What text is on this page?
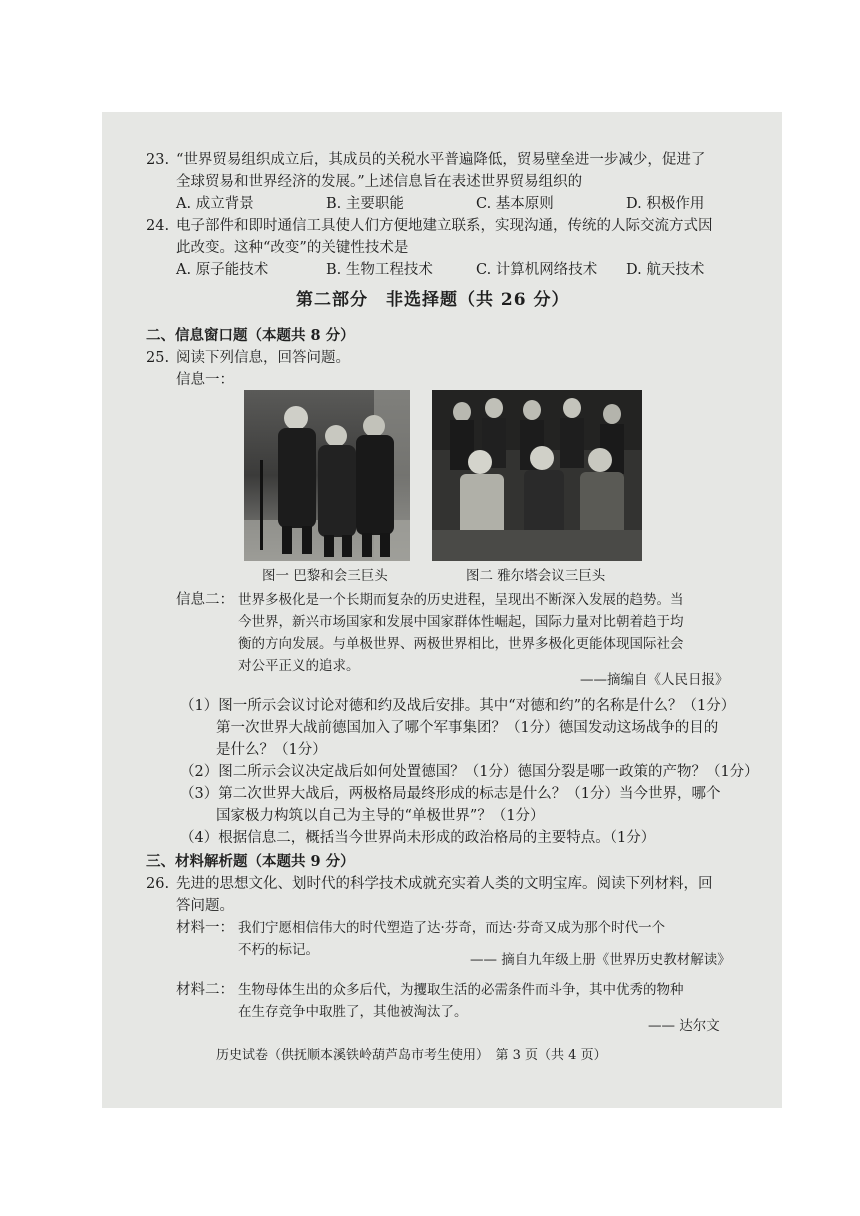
23. “世界贸易组织成立后，其成员的关税水平普遍降低，贸易壁垒进一步减少，促进了
全球贸易和世界经济的发展。”上述信息旨在表述世界贸易组织的
A. 成立背景	B. 主要职能	C. 基本原则	D. 积极作用
24. 电子部件和即时通信工具使人们方便地建立联系，实现沟通，传统的人际交流方式因
此改变。这种“改变”的关键性技术是
A. 原子能技术	B. 生物工程技术	C. 计算机网络技术 D. 航天技术
第二部分　非选择题（共 26 分）
二、信息窗口题（本题共 8 分）
25. 阅读下列信息，回答问题。
信息一：
图一 巴黎和会三巨头	图二 雅尔塔会议三巨头
信息二： 世界多极化是一个长期而复杂的历史进程，呈现出不断深入发展的趋势。当
今世界，新兴市场国家和发展中国家群体性崛起，国际力量对比朝着趋于均
衡的方向发展。与单极世界、两极世界相比，世界多极化更能体现国际社会
对公平正义的追求。
——摘编自《人民日报》
（1）图一所示会议讨论对德和约及战后安排。其中“对德和约”的名称是什么？（1分）
第一次世界大战前德国加入了哪个军事集团？（1分）德国发动这场战争的目的
是什么？（1分）
（2）图二所示会议决定战后如何处置德国？（1分）德国分裂是哪一政策的产物？（1分）
（3）第二次世界大战后，两极格局最终形成的标志是什么？（1分）当今世界，哪个
国家极力构筑以自己为主导的“单极世界”？（1分）
（4）根据信息二，概括当今世界尚未形成的政治格局的主要特点。（1分）
三、材料解析题（本题共 9 分）
26. 先进的思想文化、划时代的科学技术成就充实着人类的文明宝库。阅读下列材料，回
答问题。
材料一： 我们宁愿相信伟大的时代塑造了达·芬奇，而达·芬奇又成为那个时代一个
不朽的标记。
—— 摘自九年级上册《世界历史教材解读》
材料二： 生物母体生出的众多后代，为攫取生活的必需条件而斗争，其中优秀的物种
在生存竞争中取胜了，其他被淘汰了。
—— 达尔文
历史试卷（供抚顺本溪铁岭葫芦岛市考生使用）　第 3 页（共 4 页）
